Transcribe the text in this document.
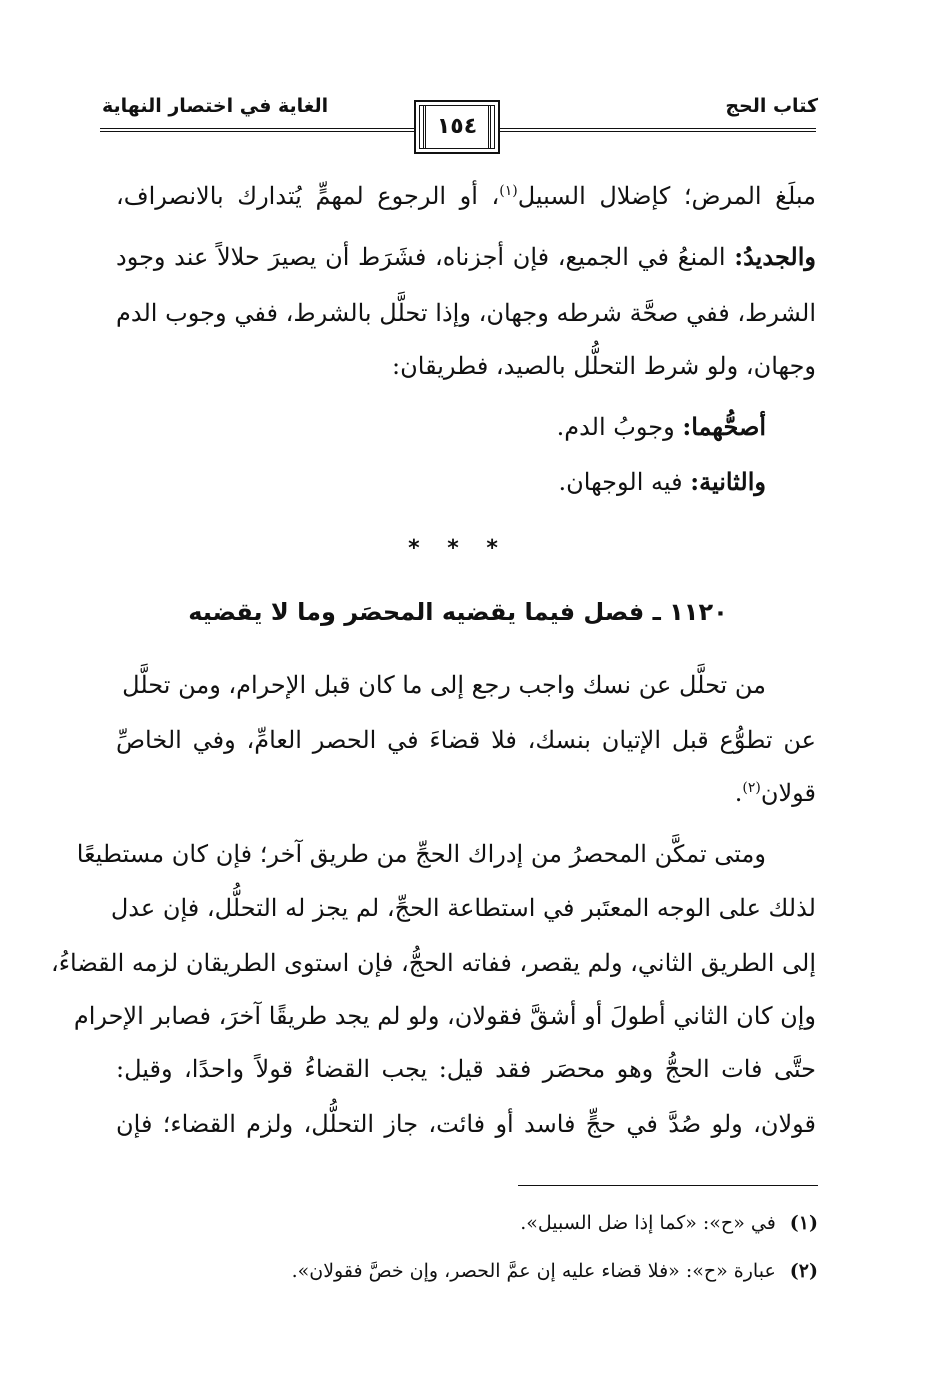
كتاب الحج
الغاية في اختصار النهاية
١٥٤
مبلَغ المرض؛ كإضلال السبيل$^{(١)}$، أو الرجوع لمهمٍّ يُتدارك بالانصراف،
والجديدُ: المنعُ في الجميع، فإن أجزناه، فشَرَط أن يصيرَ حلالاً عند وجود
الشرط، ففي صحَّة شرطه وجهان، وإذا تحلَّل بالشرط، ففي وجوب الدم
وجهان، ولو شرط التحلُّل بالصيد، فطريقان:
أصحُّهما: وجوبُ الدم.
والثانية: فيه الوجهان.
* * *
١١٢٠ ـ فصل فيما يقضيه المحصَر وما لا يقضيه
من تحلَّل عن نسك واجب رجع إلى ما كان قبل الإحرام، ومن تحلَّل
عن تطوُّع قبل الإتيان بنسك، فلا قضاءَ في الحصر العامِّ، وفي الخاصِّ
قولان$^{(٢)}$.
ومتى تمكَّن المحصرُ من إدراك الحجِّ من طريق آخر؛ فإن كان مستطيعًا
لذلك على الوجه المعتَبر في استطاعة الحجِّ، لم يجز له التحلُّل، فإن عدل
إلى الطريق الثاني، ولم يقصر، ففاته الحجُّ، فإن استوى الطريقان لزمه القضاءُ،
وإن كان الثاني أطولَ أو أشقَّ فقولان، ولو لم يجد طريقًا آخرَ، فصابر الإحرام
حتَّى فات الحجُّ وهو محصَر فقد قيل: يجب القضاءُ قولاً واحدًا، وقيل:
قولان، ولو صُدَّ في حجٍّ فاسد أو فائت، جاز التحلُّل، ولزم القضاء؛ فإن
(١)في «ح»: «كما إذا ضل السبيل».
(٢)عبارة «ح»: «فلا قضاء عليه إن عمَّ الحصر، وإن خصَّ فقولان».
